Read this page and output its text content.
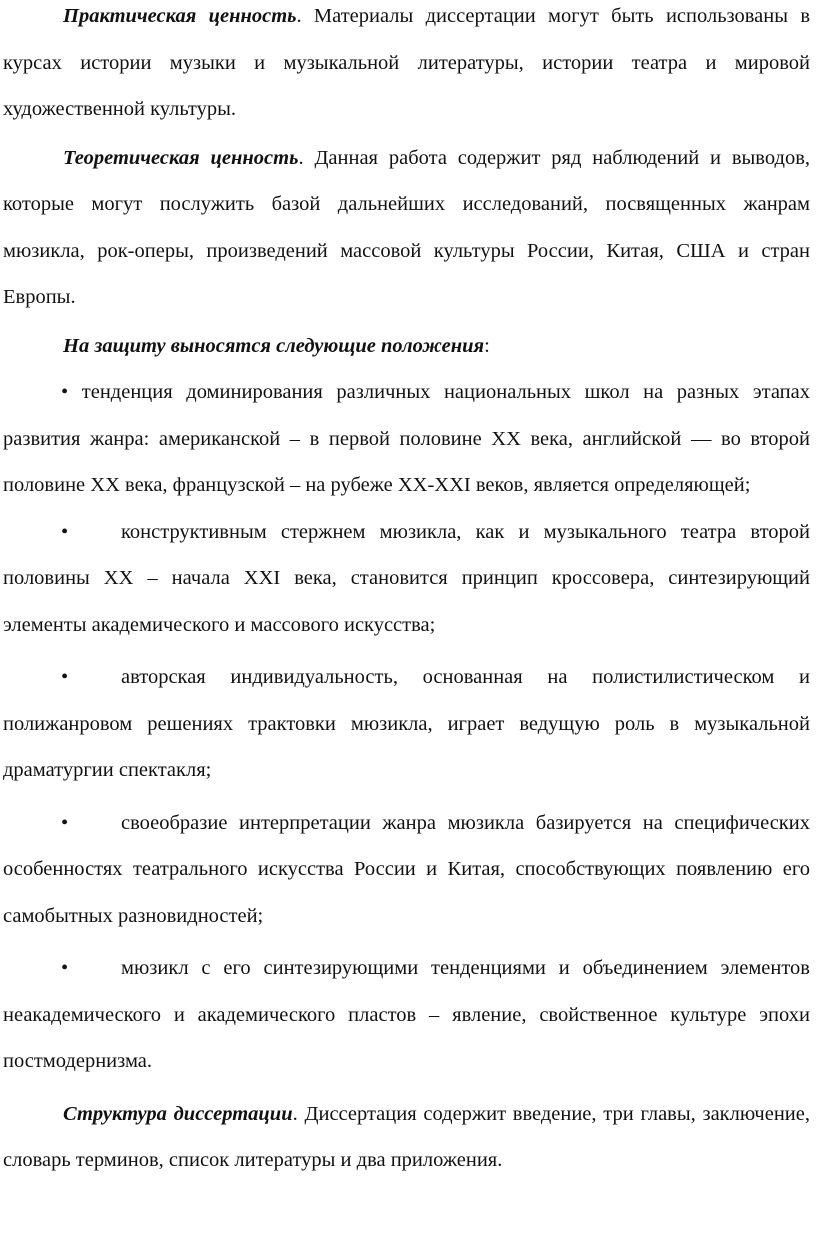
Практическая ценность. Материалы диссертации могут быть использованы в курсах истории музыки и музыкальной литературы, истории театра и мировой художественной культуры.

Теоретическая ценность. Данная работа содержит ряд наблюдений и выводов, которые могут послужить базой дальнейших исследований, посвященных жанрам мюзикла, рок-оперы, произведений массовой культуры России, Китая, США и стран Европы.

На защиту выносятся следующие положения:

• тенденция доминирования различных национальных школ на разных этапах развития жанра: американской – в первой половине ХХ века, английской — во второй половине ХХ века, французской – на рубеже ХХ-XXI веков, является определяющей;
•	конструктивным стержнем мюзикла, как и музыкального театра второй половины ХХ – начала XXI века, становится принцип кроссовера, синтезирующий элементы академического и массового искусства;
•	авторская индивидуальность, основанная на полистилистическом и полижанровом решениях трактовки мюзикла, играет ведущую роль в музыкальной драматургии спектакля;
•	своеобразие интерпретации жанра мюзикла базируется на специфических особенностях театрального искусства России и Китая, способствующих появлению его самобытных разновидностей;
•	мюзикл с его синтезирующими тенденциями и объединением элементов неакадемического и академического пластов – явление, свойственное культуре эпохи постмодернизма.

Структура диссертации. Диссертация содержит введение, три главы, заключение, словарь терминов, список литературы и два приложения.
